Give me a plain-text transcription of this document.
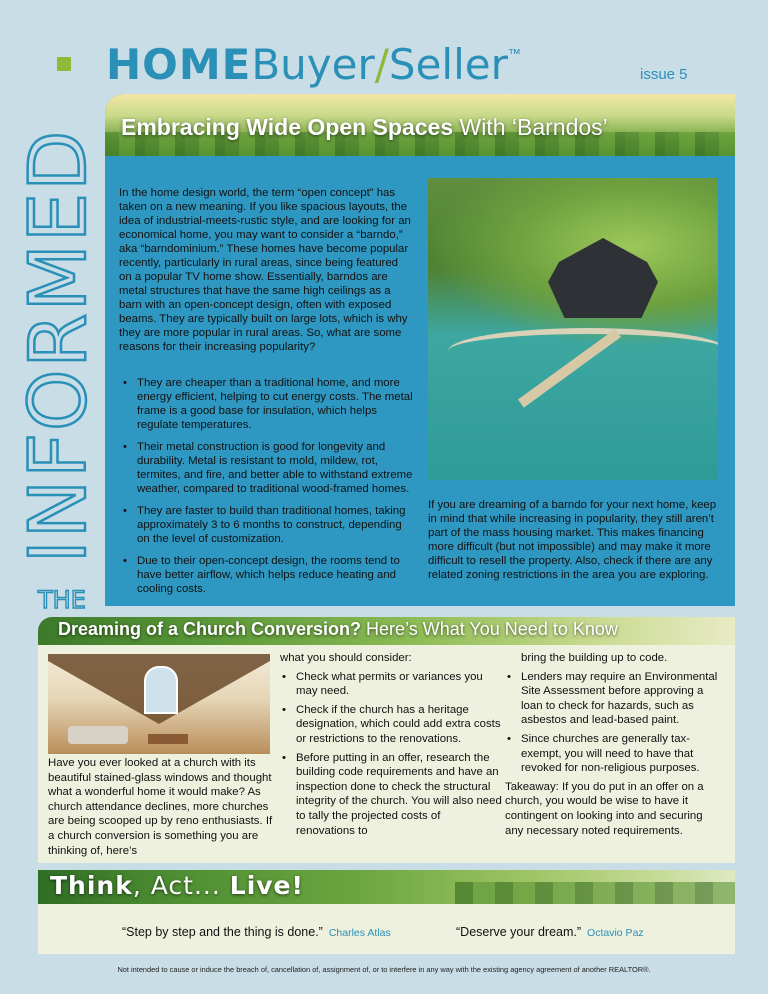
INFORMED
THE
HOMEBuyer/Seller™
issue 5
Embracing Wide Open Spaces With ‘Barndos’

In the home design world, the term “open concept” has taken on a new meaning. If you like spacious layouts, the idea of industrial-meets-rustic style, and are looking for an economical home, you may want to consider a “barndo,” aka “barndominium.” These homes have become popular recently, particularly in rural areas, since being featured on a popular TV home show. Essentially, barndos are metal structures that have the same high ceilings as a barn with an open-concept design, often with exposed beams. They are typically built on large lots, which is why they are more popular in rural areas. So, what are some reasons for their increasing popularity?

• They are cheaper than a traditional home, and more energy efficient, helping to cut energy costs. The metal frame is a good base for insulation, which helps regulate temperatures.
• Their metal construction is good for longevity and durability. Metal is resistant to mold, mildew, rot, termites, and fire, and better able to withstand extreme weather, compared to traditional wood-framed homes.
• They are faster to build than traditional homes, taking approximately 3 to 6 months to construct, depending on the level of customization.
• Due to their open-concept design, the rooms tend to have better airflow, which helps reduce heating and cooling costs.

If you are dreaming of a barndo for your next home, keep in mind that while increasing in popularity, they still aren’t part of the mass housing market. This makes financing more difficult (but not impossible) and may make it more difficult to resell the property. Also, check if there are any related zoning restrictions in the area you are exploring.

Dreaming of a Church Conversion? Here’s What You Need to Know

Have you ever looked at a church with its beautiful stained-glass windows and thought what a wonderful home it would make? As church attendance declines, more churches are being scooped up by reno enthusiasts. If a church conversion is something you are thinking of, here’s

what you should consider:

• Check what permits or variances you may need.
• Check if the church has a heritage designation, which could add extra costs or restrictions to the renovations.
• Before putting in an offer, research the building code requirements and have an inspection done to check the structural integrity of the church. You will also need to tally the projected costs of renovations to
bring the building up to code.
• Lenders may require an Environmental Site Assessment before approving a loan to check for hazards, such as asbestos and lead-based paint.
• Since churches are generally tax-exempt, you will need to have that revoked for non-religious purposes.

Takeaway: If you do put in an offer on a church, you would be wise to have it contingent on looking into and securing any necessary noted requirements.

Think, Act... Live!
“Step by step and the thing is done.” Charles Atlas	“Deserve your dream.” Octavio Paz
Not intended to cause or induce the breach of, cancellation of, assignment of, or to interfere in any way with the existing agency agreement of another REALTOR®.
